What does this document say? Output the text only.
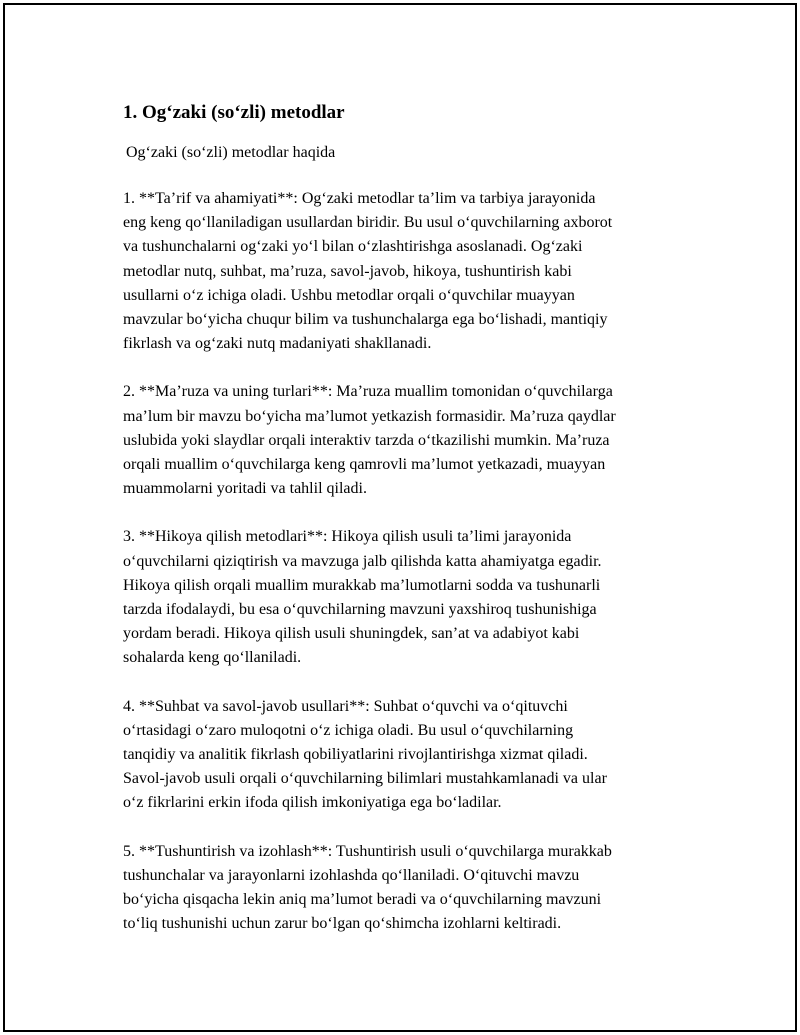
1. Og‘zaki (so‘zli) metodlar
Og‘zaki (so‘zli) metodlar haqida
1. **Ta’rif va ahamiyati**: Og‘zaki metodlar ta’lim va tarbiya jarayonida
eng keng qo‘llaniladigan usullardan biridir. Bu usul o‘quvchilarning axborot
va tushunchalarni og‘zaki yo‘l bilan o‘zlashtirishga asoslanadi. Og‘zaki
metodlar nutq, suhbat, ma’ruza, savol-javob, hikoya, tushuntirish kabi
usullarni o‘z ichiga oladi. Ushbu metodlar orqali o‘quvchilar muayyan
mavzular bo‘yicha chuqur bilim va tushunchalarga ega bo‘lishadi, mantiqiy
fikrlash va og‘zaki nutq madaniyati shakllanadi.
2. **Ma’ruza va uning turlari**: Ma’ruza muallim tomonidan o‘quvchilarga
ma’lum bir mavzu bo‘yicha ma’lumot yetkazish formasidir. Ma’ruza qaydlar
uslubida yoki slaydlar orqali interaktiv tarzda o‘tkazilishi mumkin. Ma’ruza
orqali muallim o‘quvchilarga keng qamrovli ma’lumot yetkazadi, muayyan
muammolarni yoritadi va tahlil qiladi.
3. **Hikoya qilish metodlari**: Hikoya qilish usuli ta’limi jarayonida
o‘quvchilarni qiziqtirish va mavzuga jalb qilishda katta ahamiyatga egadir.
Hikoya qilish orqali muallim murakkab ma’lumotlarni sodda va tushunarli
tarzda ifodalaydi, bu esa o‘quvchilarning mavzuni yaxshiroq tushunishiga
yordam beradi. Hikoya qilish usuli shuningdek, san’at va adabiyot kabi
sohalarda keng qo‘llaniladi.
4. **Suhbat va savol-javob usullari**: Suhbat o‘quvchi va o‘qituvchi
o‘rtasidagi o‘zaro muloqotni o‘z ichiga oladi. Bu usul o‘quvchilarning
tanqidiy va analitik fikrlash qobiliyatlarini rivojlantirishga xizmat qiladi.
Savol-javob usuli orqali o‘quvchilarning bilimlari mustahkamlanadi va ular
o‘z fikrlarini erkin ifoda qilish imkoniyatiga ega bo‘ladilar.
5. **Tushuntirish va izohlash**: Tushuntirish usuli o‘quvchilarga murakkab
tushunchalar va jarayonlarni izohlashda qo‘llaniladi. O‘qituvchi mavzu
bo‘yicha qisqacha lekin aniq ma’lumot beradi va o‘quvchilarning mavzuni
to‘liq tushunishi uchun zarur bo‘lgan qo‘shimcha izohlarni keltiradi.
